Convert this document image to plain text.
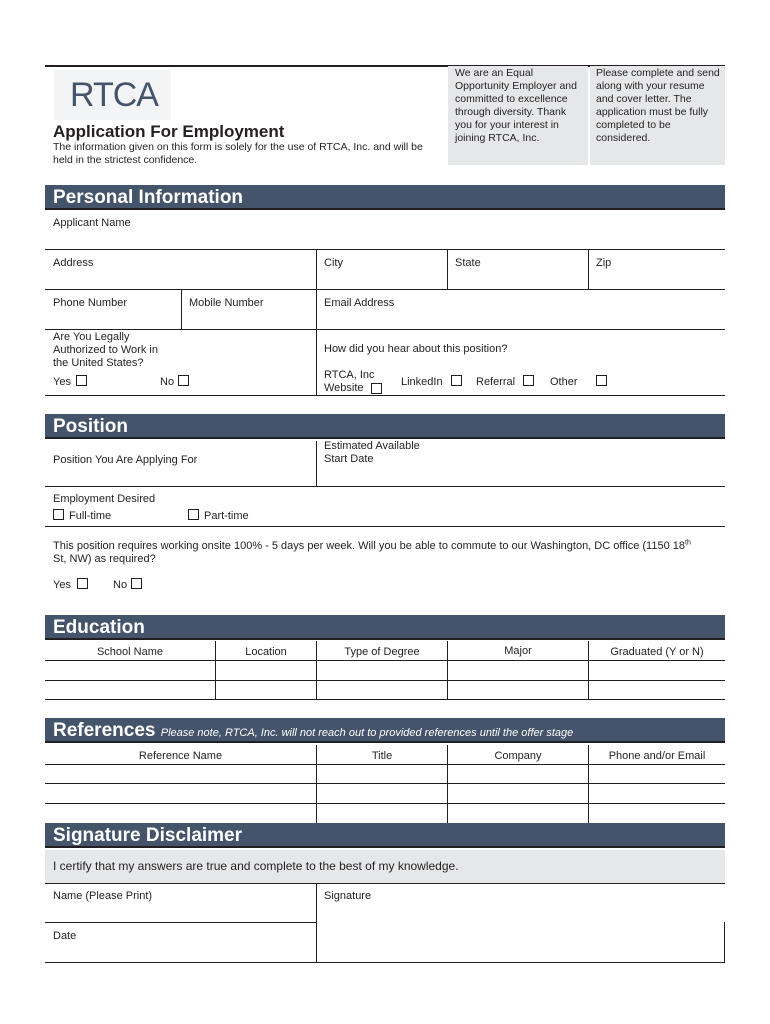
RTCA
Application For Employment
The information given on this form is solely for the use of RTCA, Inc. and will be held in the strictest confidence.
We are an Equal Opportunity Employer and committed to excellence through diversity. Thank you for your interest in joining RTCA, Inc.
Please complete and send along with your resume and cover letter. The application must be fully completed to be considered.
Personal Information
Applicant Name
Address	City	State	Zip
Phone Number	Mobile Number	Email Address
Are You Legally Authorized to Work in the United States?
Yes	No
How did you hear about this position?
RTCA, Inc Website	LinkedIn	Referral	Other
Position
Position You Are Applying For
Estimated Available Start Date
Employment Desired
Full-time	Part-time
This position requires working onsite 100% - 5 days per week. Will you be able to commute to our Washington, DC office (1150 18th
St, NW) as required?
Yes	No
Education
School Name	Location	Type of Degree	Major	Graduated (Y or N)
References Please note, RTCA, Inc. will not reach out to provided references until the offer stage
Reference Name	Title	Company	Phone and/or Email
Signature Disclaimer
I certify that my answers are true and complete to the best of my knowledge.
Name (Please Print)	Signature
Date
